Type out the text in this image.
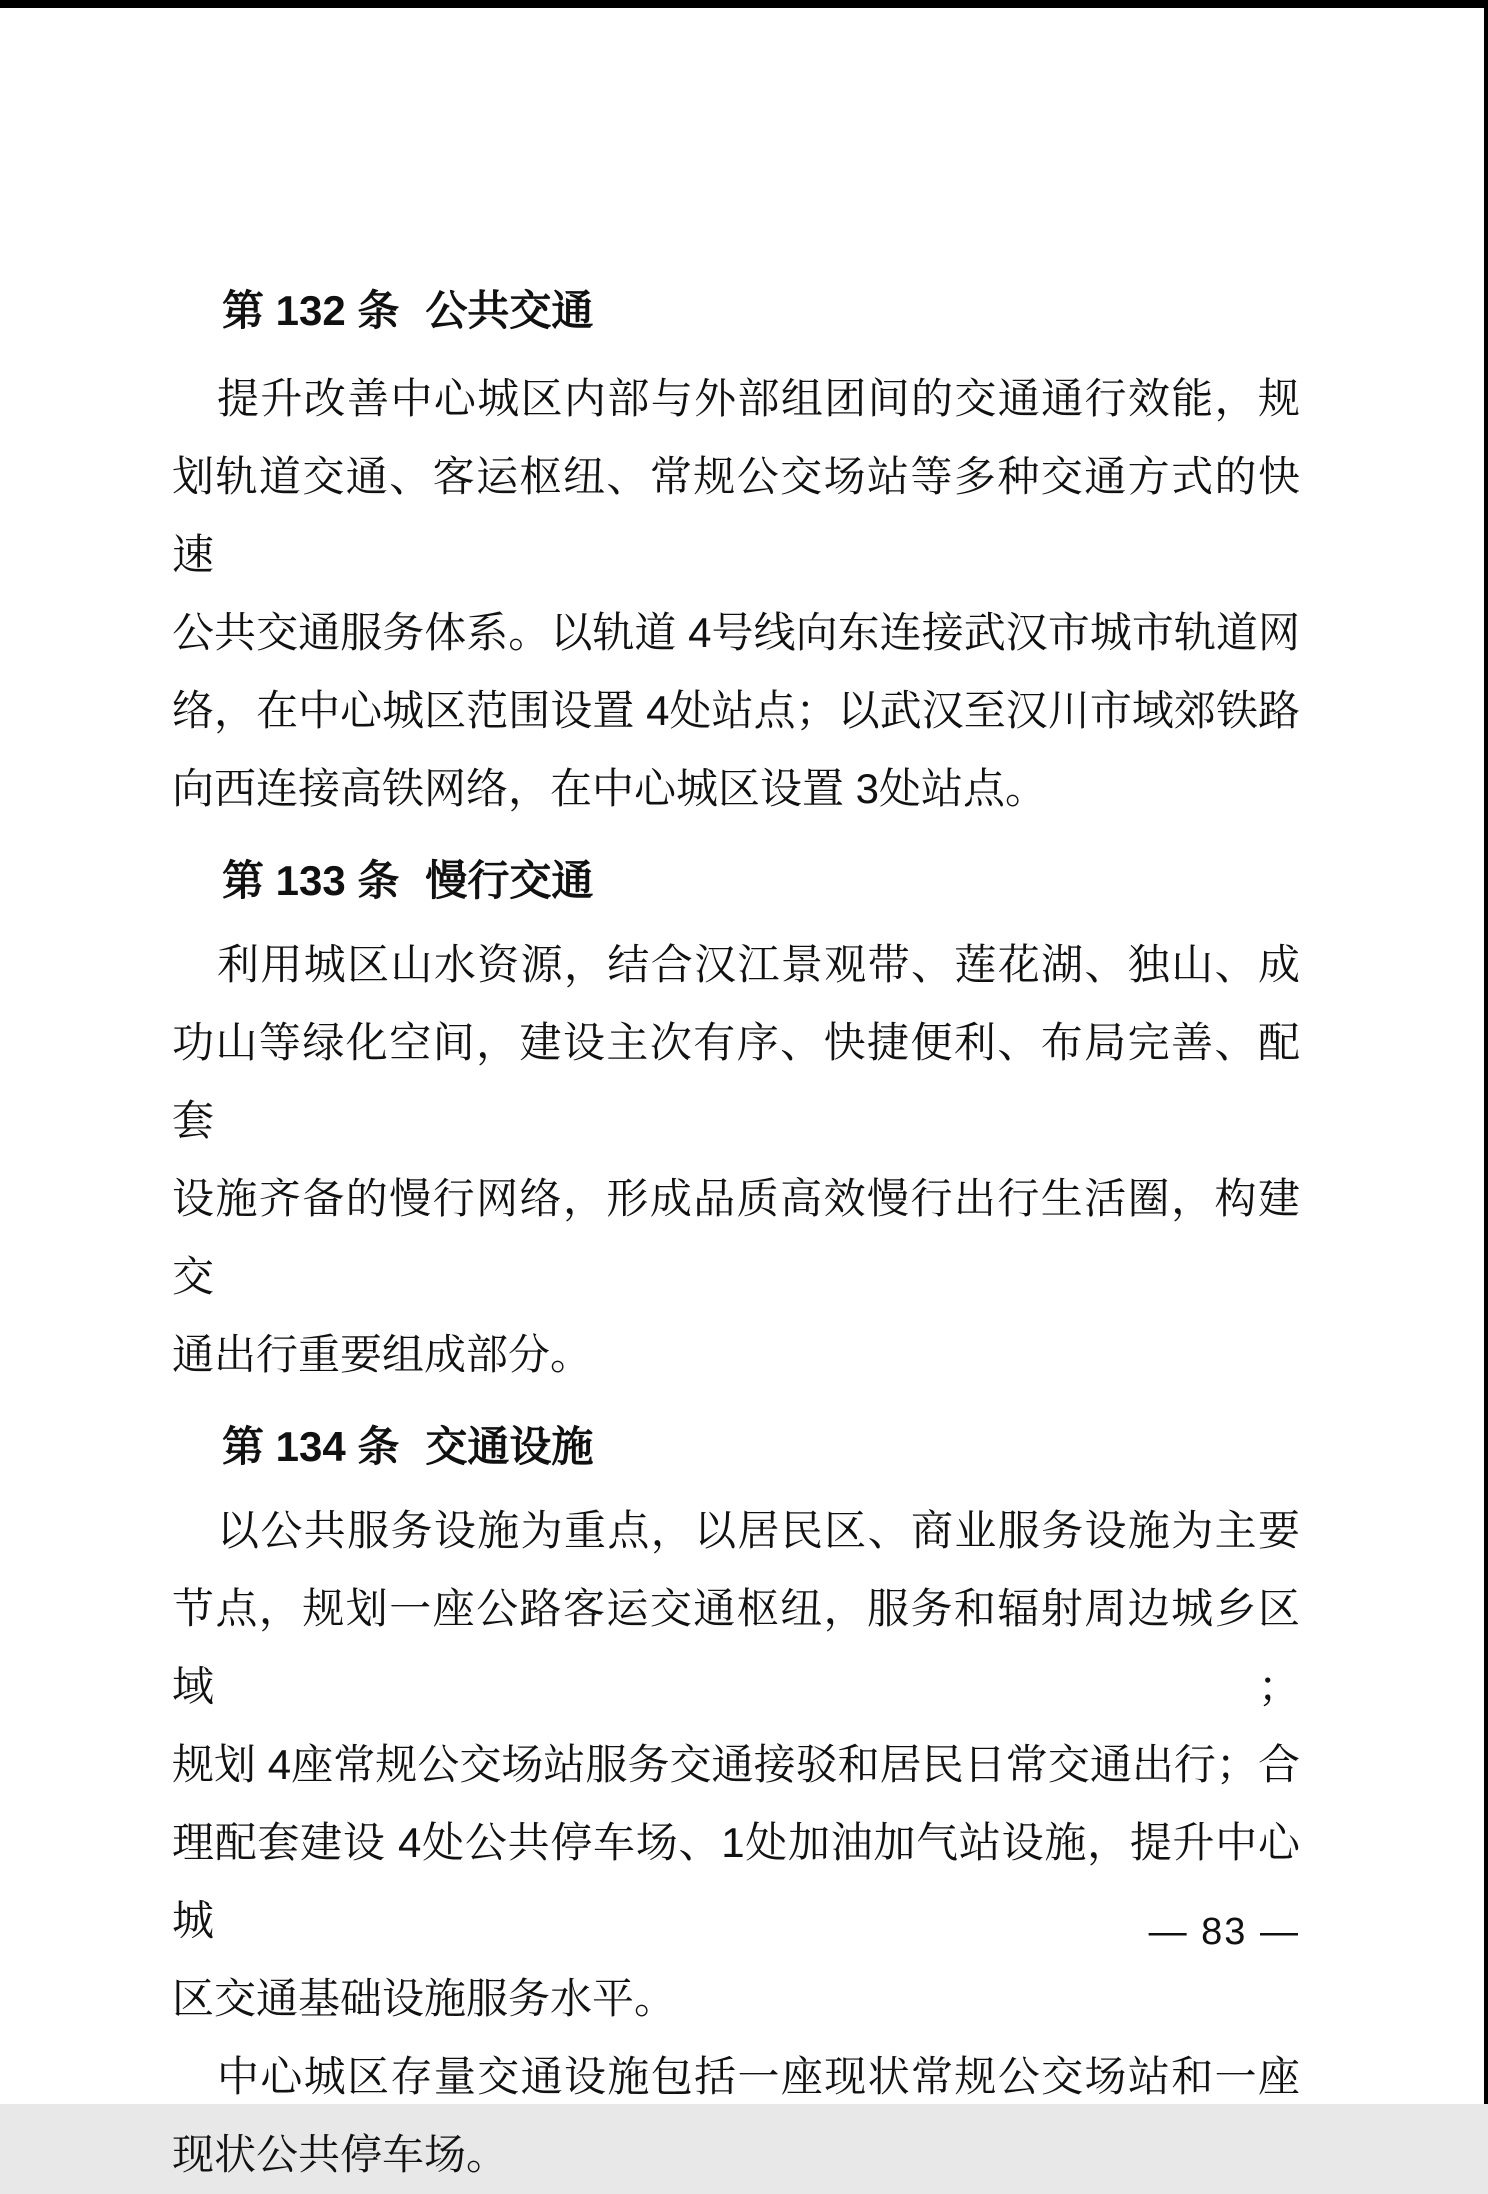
第 132 条 公共交通
提升改善中心城区内部与外部组团间的交通通行效能，规
划轨道交通、客运枢纽、常规公交场站等多种交通方式的快速
公共交通服务体系。以轨道 4号线向东连接武汉市城市轨道网
络，在中心城区范围设置 4处站点；以武汉至汉川市域郊铁路
向西连接高铁网络，在中心城区设置 3处站点。
第 133 条 慢行交通
利用城区山水资源，结合汉江景观带、莲花湖、独山、成
功山等绿化空间，建设主次有序、快捷便利、布局完善、配套
设施齐备的慢行网络，形成品质高效慢行出行生活圈，构建交
通出行重要组成部分。
第 134 条 交通设施
以公共服务设施为重点，以居民区、商业服务设施为主要
节点，规划一座公路客运交通枢纽，服务和辐射周边城乡区域；
规划 4座常规公交场站服务交通接驳和居民日常交通出行；合
理配套建设 4处公共停车场、1处加油加气站设施，提升中心城
区交通基础设施服务水平。
中心城区存量交通设施包括一座现状常规公交场站和一座
现状公共停车场。
— 83 —
